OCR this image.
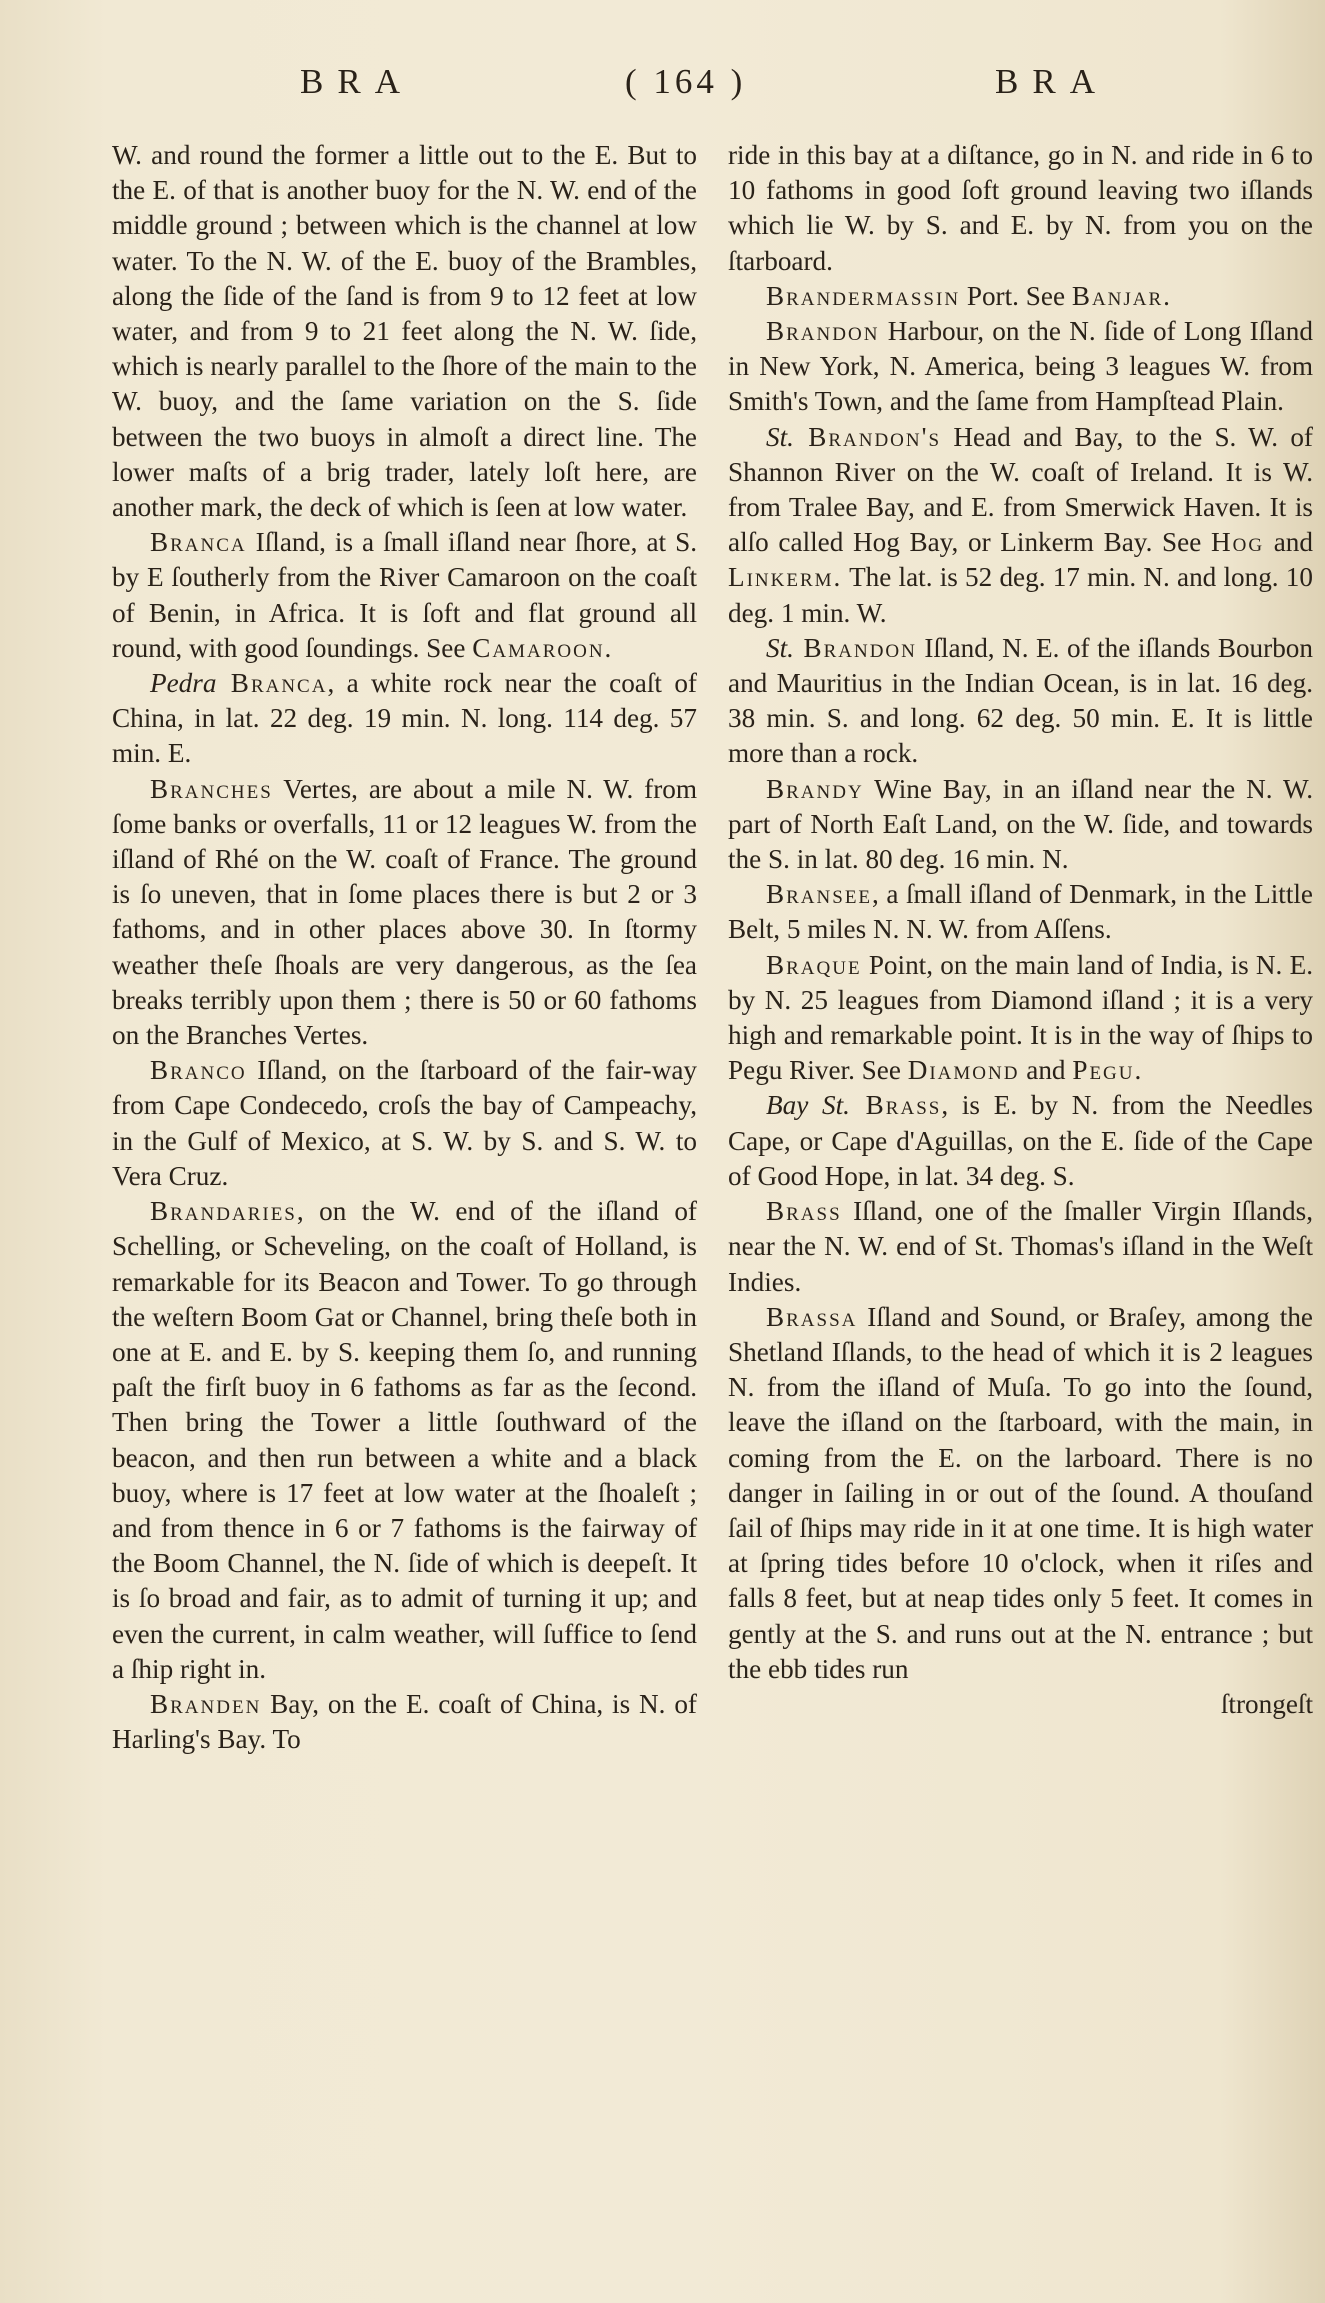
BRA	( 164 )	BRA

W. and round the former a little out to the E. But to the E. of that is another buoy for the N. W. end of the middle ground ; between which is the channel at low water. To the N. W. of the E. buoy of the Brambles, along the ſide of the ſand is from 9 to 12 feet at low water, and from 9 to 21 feet along the N. W. ſide, which is nearly parallel to the ſhore of the main to the W. buoy, and the ſame variation on the S. ſide between the two buoys in almoſt a direct line. The lower maſts of a brig trader, lately loſt here, are another mark, the deck of which is ſeen at low water.

Branca Iſland, is a ſmall iſland near ſhore, at S. by E ſoutherly from the River Camaroon on the coaſt of Benin, in Africa. It is ſoft and flat ground all round, with good ſoundings. See Camaroon.

Pedra Branca, a white rock near the coaſt of China, in lat. 22 deg. 19 min. N. long. 114 deg. 57 min. E.

Branches Vertes, are about a mile N. W. from ſome banks or overfalls, 11 or 12 leagues W. from the iſland of Rhé on the W. coaſt of France. The ground is ſo uneven, that in ſome places there is but 2 or 3 fathoms, and in other places above 30. In ſtormy weather theſe ſhoals are very dangerous, as the ſea breaks terribly upon them ; there is 50 or 60 fathoms on the Branches Vertes.

Branco Iſland, on the ſtarboard of the fair-way from Cape Condecedo, croſs the bay of Campeachy, in the Gulf of Mexico, at S. W. by S. and S. W. to Vera Cruz.

Brandaries, on the W. end of the iſland of Schelling, or Scheveling, on the coaſt of Holland, is remarkable for its Beacon and Tower. To go through the weſtern Boom Gat or Channel, bring theſe both in one at E. and E. by S. keeping them ſo, and running paſt the firſt buoy in 6 fathoms as far as the ſecond. Then bring the Tower a little ſouthward of the beacon, and then run between a white and a black buoy, where is 17 feet at low water at the ſhoaleſt ; and from thence in 6 or 7 fathoms is the fairway of the Boom Channel, the N. ſide of which is deepeſt. It is ſo broad and fair, as to admit of turning it up; and even the current, in calm weather, will ſuffice to ſend a ſhip right in.

Branden Bay, on the E. coaſt of China, is N. of Harling's Bay. To

ride in this bay at a diſtance, go in N. and ride in 6 to 10 fathoms in good ſoft ground leaving two iſlands which lie W. by S. and E. by N. from you on the ſtarboard.

Brandermassin Port. See Banjar.

Brandon Harbour, on the N. ſide of Long Iſland in New York, N. America, being 3 leagues W. from Smith's Town, and the ſame from Hampſtead Plain.

St. Brandon's Head and Bay, to the S. W. of Shannon River on the W. coaſt of Ireland. It is W. from Tralee Bay, and E. from Smerwick Haven. It is alſo called Hog Bay, or Linkerm Bay. See Hog and Linkerm. The lat. is 52 deg. 17 min. N. and long. 10 deg. 1 min. W.

St. Brandon Iſland, N. E. of the iſlands Bourbon and Mauritius in the Indian Ocean, is in lat. 16 deg. 38 min. S. and long. 62 deg. 50 min. E. It is little more than a rock.

Brandy Wine Bay, in an iſland near the N. W. part of North Eaſt Land, on the W. ſide, and towards the S. in lat. 80 deg. 16 min. N.

Bransee, a ſmall iſland of Denmark, in the Little Belt, 5 miles N. N. W. from Aſſens.

Braque Point, on the main land of India, is N. E. by N. 25 leagues from Diamond iſland ; it is a very high and remarkable point. It is in the way of ſhips to Pegu River. See Diamond and Pegu.

Bay St. Brass, is E. by N. from the Needles Cape, or Cape d'Aguillas, on the E. ſide of the Cape of Good Hope, in lat. 34 deg. S.

Brass Iſland, one of the ſmaller Virgin Iſlands, near the N. W. end of St. Thomas's iſland in the Weſt Indies.

Brassa Iſland and Sound, or Braſey, among the Shetland Iſlands, to the head of which it is 2 leagues N. from the iſland of Muſa. To go into the ſound, leave the iſland on the ſtarboard, with the main, in coming from the E. on the larboard. There is no danger in ſailing in or out of the ſound. A thouſand ſail of ſhips may ride in it at one time. It is high water at ſpring tides before 10 o'clock, when it riſes and falls 8 feet, but at neap tides only 5 feet. It comes in gently at the S. and runs out at the N. entrance ; but the ebb tides run

ſtrongeſt
